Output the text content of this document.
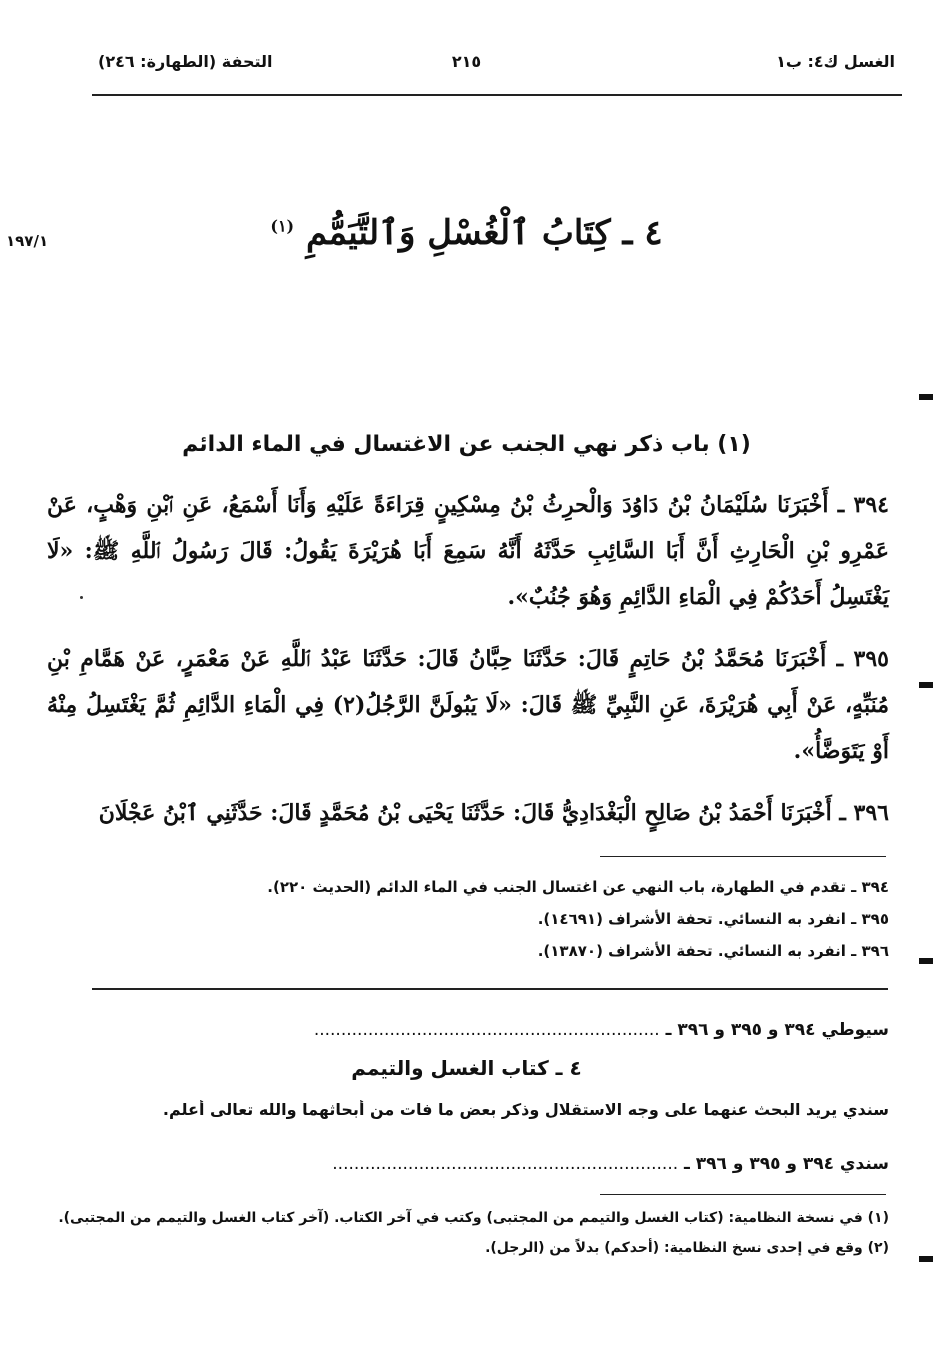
الغسل ك٤: ب١
٢١٥
التحفة (الطهارة: ٢٤٦)
١٩٧/١	٤ ـ كِتَابُ ٱلْغُسْلِ وَٱلتَّيَمُّمِ $^{(١)}$
(١) باب ذكر نهي الجنب عن الاغتسال في الماء الدائم
٣٩٤ ـ أَخْبَرَنَا سُلَيْمَانُ بْنُ دَاوُدَ وَالْحرِثُ بْنُ مِسْكِينٍ قِرَاءَةً عَلَيْهِ وَأَنَا أَسْمَعُ، عَنِ ٱبْنِ وَهْبٍ، عَنْ عَمْرِو بْنِ الْحَارِثِ أَنَّ أَبَا السَّائِبِ حَدَّثَهُ أَنَّهُ سَمِعَ أَبَا هُرَيْرَةَ يَقُولُ: قَالَ رَسُولُ ٱللَّهِ ﷺ: «لَا يَغْتَسِلُ أَحَدُكُمْ فِي الْمَاءِ الدَّائِمِ وَهُوَ جُنُبٌ».
٣٩٥ ـ أَخْبَرَنَا مُحَمَّدُ بْنُ حَاتِمٍ قَالَ: حَدَّثَنَا حِبَّانُ قَالَ: حَدَّثَنَا عَبْدُ ٱللَّهِ عَنْ مَعْمَرٍ، عَنْ هَمَّامِ بْنِ مُنَبِّهٍ، عَنْ أَبِي هُرَيْرَةَ، عَنِ النَّبِيِّ ﷺ قَالَ: «لَا يَبُولَنَّ الرَّجُلُ(٢) فِي الْمَاءِ الدَّائِمِ ثُمَّ يَغْتَسِلُ مِنْهُ أَوْ يَتَوَضَّأُ».
٣٩٦ ـ أَخْبَرَنَا أَحْمَدُ بْنُ صَالِحٍ الْبَغْدَادِيُّ قَالَ: حَدَّثَنَا يَحْيَى بْنُ مُحَمَّدٍ قَالَ: حَدَّثَنِي ٱبْنُ عَجْلَانَ
٣٩٤ ـ تقدم في الطهارة، باب النهي عن اغتسال الجنب في الماء الدائم (الحديث ٢٢٠).
٣٩٥ ـ انفرد به النسائي. تحفة الأشراف (١٤٦٩١).
٣٩٦ ـ انفرد به النسائي. تحفة الأشراف (١٣٨٧٠).
سيوطي ٣٩٤ و ٣٩٥ و ٣٩٦ ـ ................................................................
٤ ـ كتاب الغسل والتيمم
سندي يريد البحث عنهما على وجه الاستقلال وذكر بعض ما فات من أبحاثهما والله تعالى أعلم.
سندي ٣٩٤ و ٣٩٥ و ٣٩٦ ـ ................................................................
(١) في نسخة النظامية: (كتاب الغسل والتيمم من المجتبى) وكتب في آخر الكتاب. (آخر كتاب الغسل والتيمم من المجتبى).
(٢) وقع في إحدى نسخ النظامية: (أحدكم) بدلاً من (الرجل).
